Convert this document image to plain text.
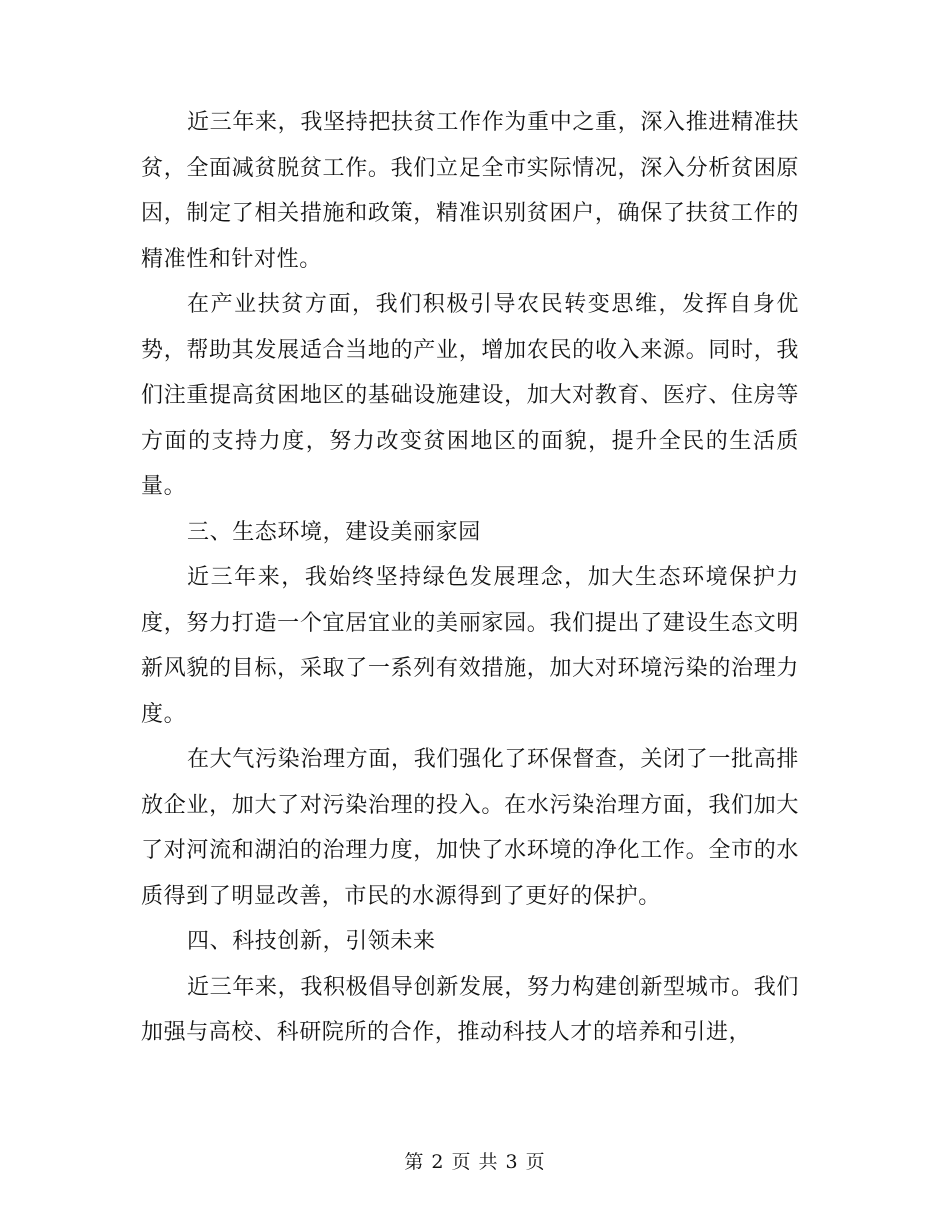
近三年来，我坚持把扶贫工作作为重中之重，深入推进精准扶贫，全面减贫脱贫工作。我们立足全市实际情况，深入分析贫困原因，制定了相关措施和政策，精准识别贫困户，确保了扶贫工作的精准性和针对性。

在产业扶贫方面，我们积极引导农民转变思维，发挥自身优势，帮助其发展适合当地的产业，增加农民的收入来源。同时，我们注重提高贫困地区的基础设施建设，加大对教育、医疗、住房等方面的支持力度，努力改变贫困地区的面貌，提升全民的生活质量。

三、生态环境，建设美丽家园

近三年来，我始终坚持绿色发展理念，加大生态环境保护力度，努力打造一个宜居宜业的美丽家园。我们提出了建设生态文明新风貌的目标，采取了一系列有效措施，加大对环境污染的治理力度。

在大气污染治理方面，我们强化了环保督查，关闭了一批高排放企业，加大了对污染治理的投入。在水污染治理方面，我们加大了对河流和湖泊的治理力度，加快了水环境的净化工作。全市的水质得到了明显改善，市民的水源得到了更好的保护。

四、科技创新，引领未来

近三年来，我积极倡导创新发展，努力构建创新型城市。我们加强与高校、科研院所的合作，推动科技人才的培养和引进，

第 2 页 共 3 页
